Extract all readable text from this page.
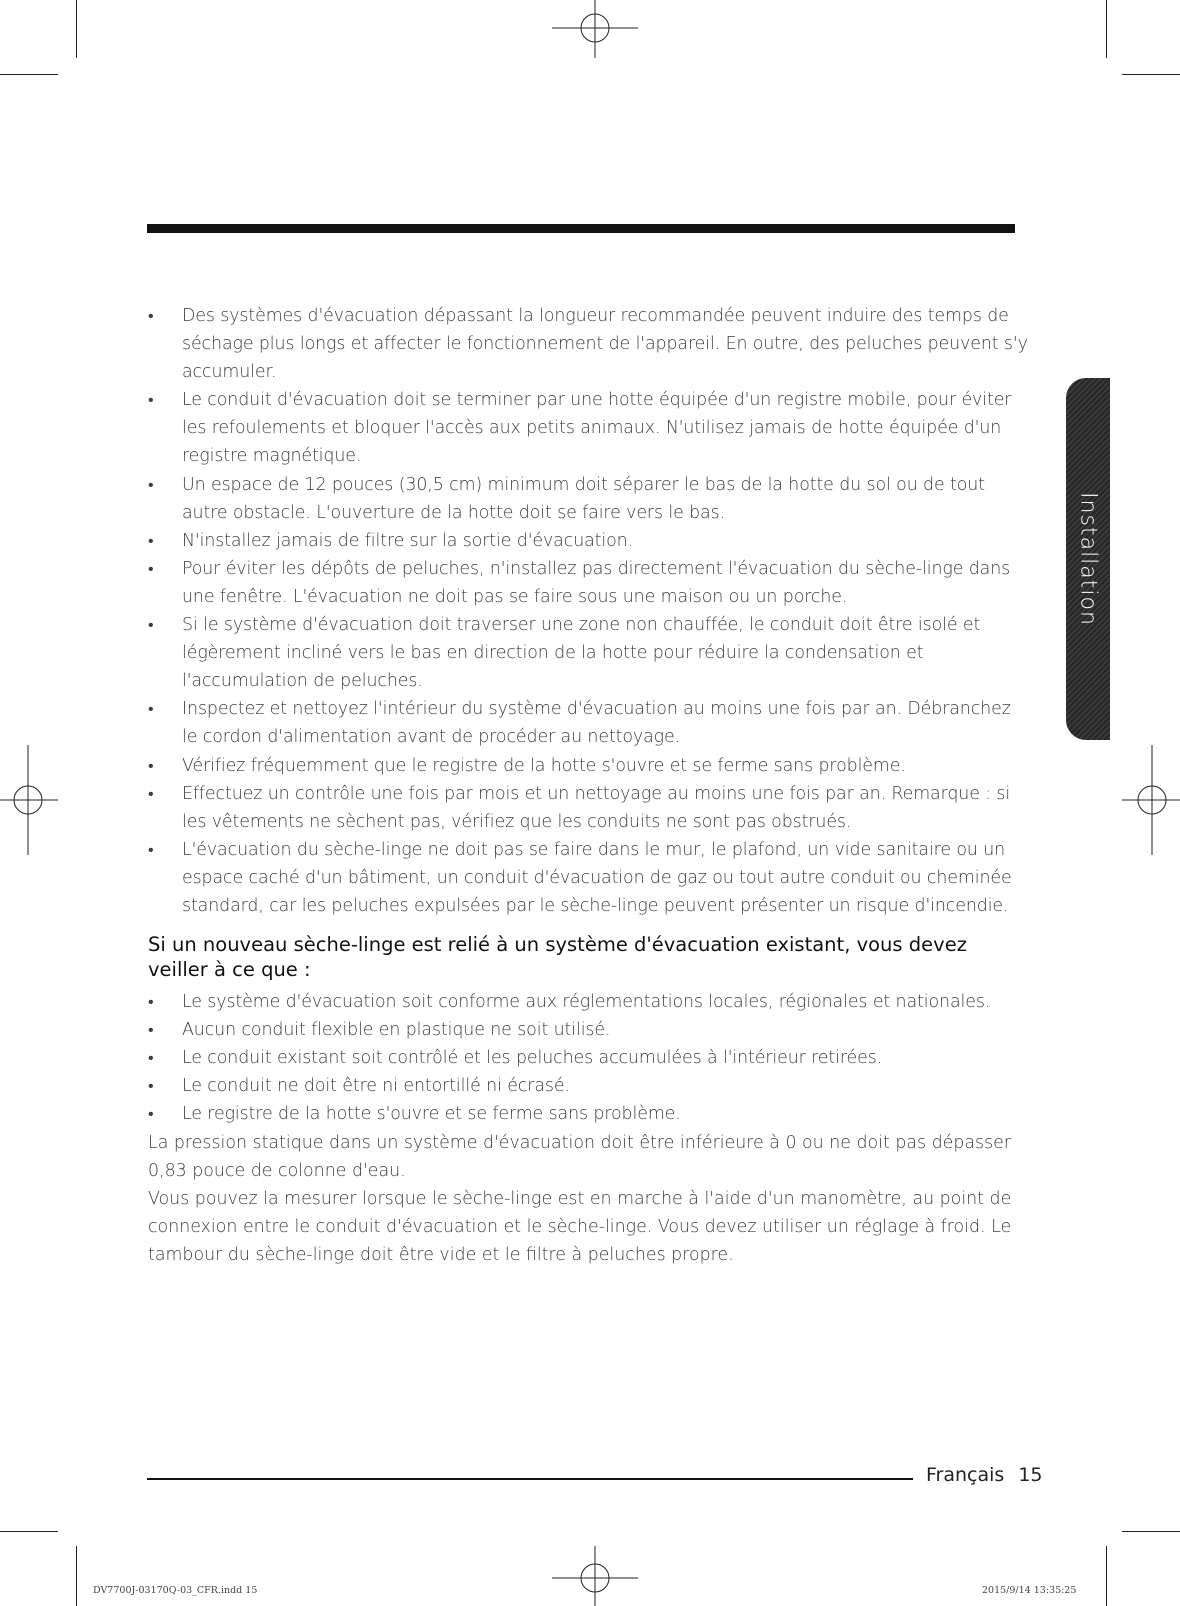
Installation
• Des systèmes d'évacuation dépassant la longueur recommandée peuvent induire des temps de séchage plus longs et affecter le fonctionnement de l'appareil. En outre, des peluches peuvent s'y accumuler.
• Le conduit d'évacuation doit se terminer par une hotte équipée d'un registre mobile, pour éviter les refoulements et bloquer l'accès aux petits animaux. N'utilisez jamais de hotte équipée d'un registre magnétique.
• Un espace de 12 pouces (30,5 cm) minimum doit séparer le bas de la hotte du sol ou de tout autre obstacle. L'ouverture de la hotte doit se faire vers le bas.
• N'installez jamais de filtre sur la sortie d'évacuation.
• Pour éviter les dépôts de peluches, n'installez pas directement l'évacuation du sèche-linge dans une fenêtre. L'évacuation ne doit pas se faire sous une maison ou un porche.
• Si le système d'évacuation doit traverser une zone non chauffée, le conduit doit être isolé et légèrement incliné vers le bas en direction de la hotte pour réduire la condensation et l'accumulation de peluches.
• Inspectez et nettoyez l'intérieur du système d'évacuation au moins une fois par an. Débranchez le cordon d'alimentation avant de procéder au nettoyage.
• Vérifiez fréquemment que le registre de la hotte s'ouvre et se ferme sans problème.
• Effectuez un contrôle une fois par mois et un nettoyage au moins une fois par an. Remarque : si les vêtements ne sèchent pas, vérifiez que les conduits ne sont pas obstrués.
• L'évacuation du sèche-linge ne doit pas se faire dans le mur, le plafond, un vide sanitaire ou un espace caché d'un bâtiment, un conduit d'évacuation de gaz ou tout autre conduit ou cheminée standard, car les peluches expulsées par le sèche-linge peuvent présenter un risque d'incendie.
Si un nouveau sèche-linge est relié à un système d'évacuation existant, vous devez veiller à ce que :
• Le système d'évacuation soit conforme aux réglementations locales, régionales et nationales.
• Aucun conduit flexible en plastique ne soit utilisé.
• Le conduit existant soit contrôlé et les peluches accumulées à l'intérieur retirées.
• Le conduit ne doit être ni entortillé ni écrasé.
• Le registre de la hotte s'ouvre et se ferme sans problème.

La pression statique dans un système d'évacuation doit être inférieure à 0 ou ne doit pas dépasser 0,83 pouce de colonne d'eau.

Vous pouvez la mesurer lorsque le sèche-linge est en marche à l'aide d'un manomètre, au point de connexion entre le conduit d'évacuation et le sèche-linge. Vous devez utiliser un réglage à froid. Le tambour du sèche-linge doit être vide et le filtre à peluches propre.

Français 15
DV7700J-03170Q-03_CFR.indd 15	2015/9/14 13:35:25
